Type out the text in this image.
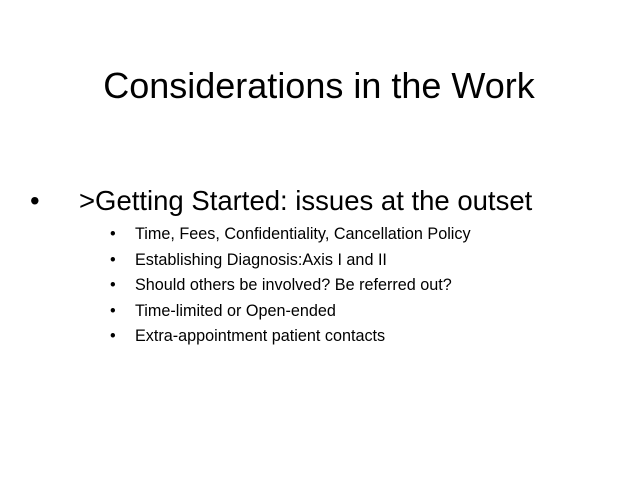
Considerations in the Work
• >Getting Started: issues at the outset
• Time, Fees, Confidentiality, Cancellation Policy
• Establishing Diagnosis:Axis I and II
• Should others be involved? Be referred out?
• Time-limited or Open-ended
• Extra-appointment patient contacts
